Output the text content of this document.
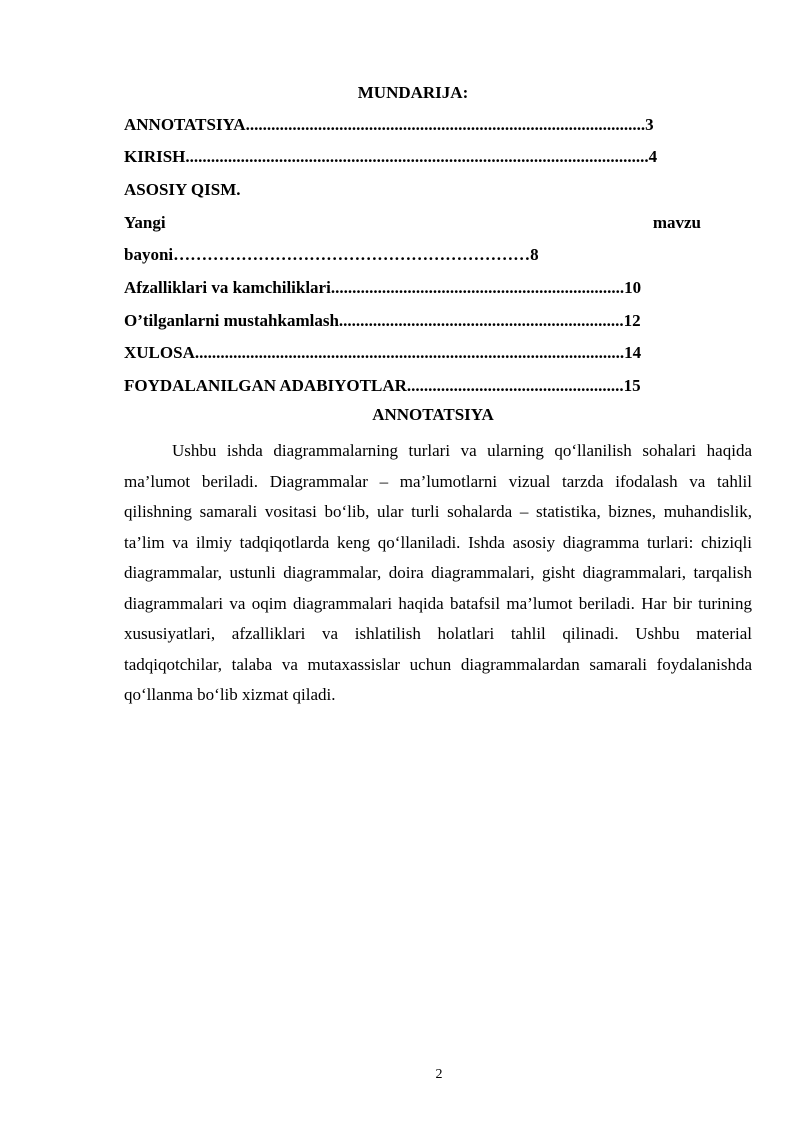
MUNDARIJA:
ANNOTATSIYA..............................................................................................3
KIRISH.............................................................................................................4
ASOSIY QISM.
Yangi	mavzu
bayoni………………………………………………………8
Afzalliklari va kamchiliklari.....................................................................10
O’tilganlarni mustahkamlash...................................................................12
XULOSA.....................................................................................................14
FOYDALANILGAN ADABIYOTLAR...................................................15
ANNOTATSIYA

Ushbu ishda diagrammalarning turlari va ularning qo‘llanilish sohalari haqida ma’lumot beriladi. Diagrammalar – ma’lumotlarni vizual tarzda ifodalash va tahlil qilishning samarali vositasi bo‘lib, ular turli sohalarda – statistika, biznes, muhandislik, ta’lim va ilmiy tadqiqotlarda keng qo‘llaniladi. Ishda asosiy diagramma turlari: chiziqli diagrammalar, ustunli diagrammalar, doira diagrammalari, gisht diagrammalari, tarqalish diagrammalari va oqim diagrammalari haqida batafsil ma’lumot beriladi. Har bir turining xususiyatlari, afzalliklari va ishlatilish holatlari tahlil qilinadi. Ushbu material tadqiqotchilar, talaba va mutaxassislar uchun diagrammalardan samarali foydalanishda qo‘llanma bo‘lib xizmat qiladi.

2
